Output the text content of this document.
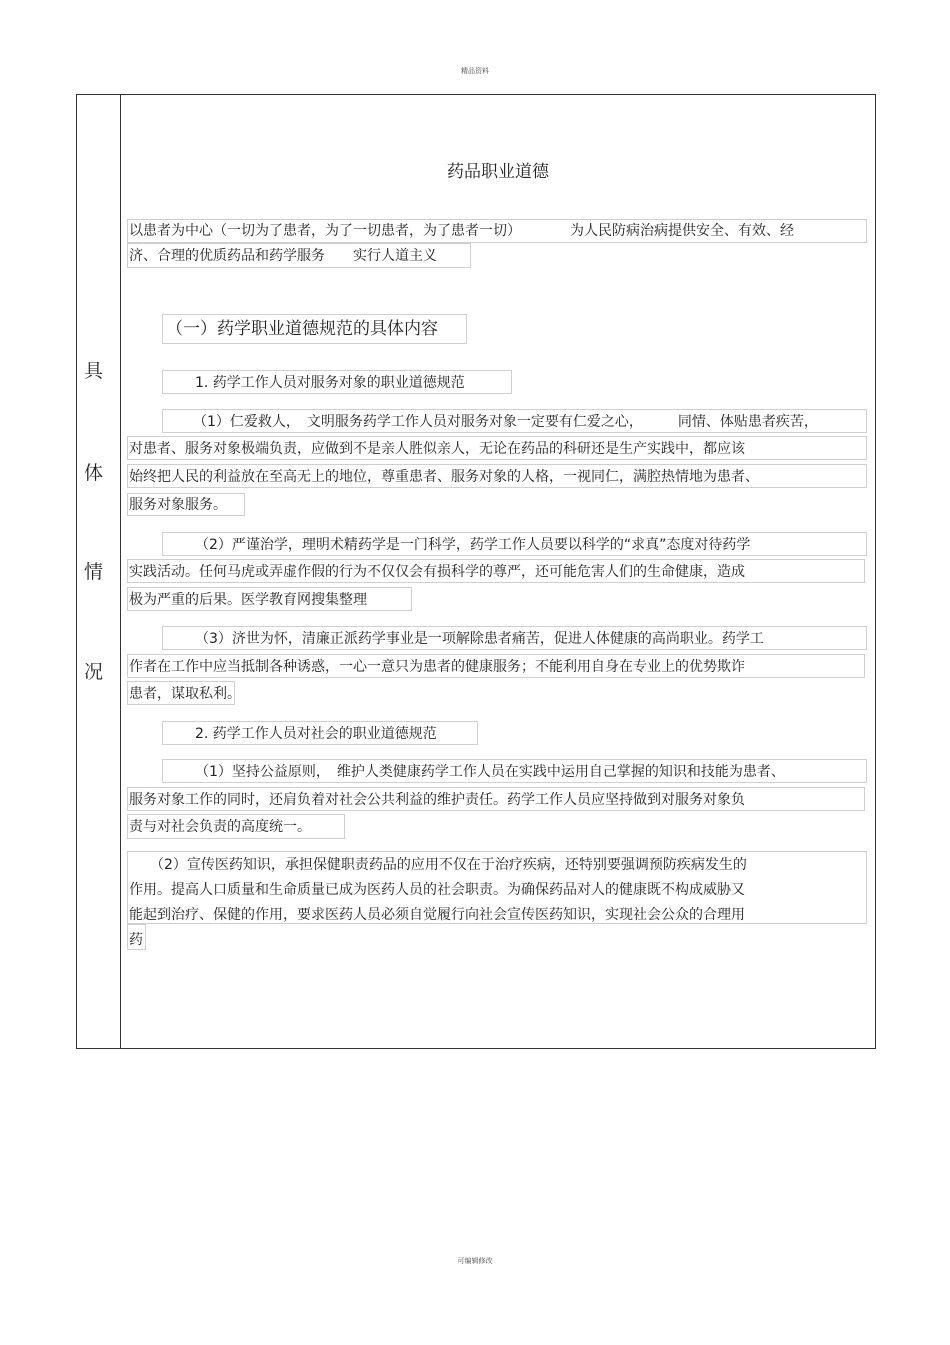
精品资料
具
体
情
况
药品职业道德
以患者为中心（一切为了患者，为了一切患者，为了患者一切）　　　　为人民防病治病提供安全、有效、经
济、合理的优质药品和药学服务　　实行人道主义
（一）药学职业道德规范的具体内容
1. 药学工作人员对服务对象的职业道德规范
（1）仁爱救人，　文明服务药学工作人员对服务对象一定要有仁爱之心，　　　同情、体贴患者疾苦，
对患者、服务对象极端负责，应做到不是亲人胜似亲人，无论在药品的科研还是生产实践中，都应该
始终把人民的利益放在至高无上的地位，尊重患者、服务对象的人格，一视同仁，满腔热情地为患者、
服务对象服务。
（2）严谨治学，理明术精药学是一门科学，药学工作人员要以科学的“求真”态度对待药学
实践活动。任何马虎或弄虚作假的行为不仅仅会有损科学的尊严，还可能危害人们的生命健康，造成
极为严重的后果。医学教育网搜集整理
（3）济世为怀，清廉正派药学事业是一项解除患者痛苦，促进人体健康的高尚职业。药学工
作者在工作中应当抵制各种诱惑，一心一意只为患者的健康服务；不能利用自身在专业上的优势欺诈
患者，谋取私利。
2. 药学工作人员对社会的职业道德规范
（1）坚持公益原则，　维护人类健康药学工作人员在实践中运用自己掌握的知识和技能为患者、
服务对象工作的同时，还肩负着对社会公共利益的维护责任。药学工作人员应坚持做到对服务对象负
责与对社会负责的高度统一。
（2）宣传医药知识，承担保健职责药品的应用不仅在于治疗疾病，还特别要强调预防疾病发生的
作用。提高人口质量和生命质量已成为医药人员的社会职责。为确保药品对人的健康既不构成威胁又
能起到治疗、保健的作用，要求医药人员必须自觉履行向社会宣传医药知识，实现社会公众的合理用
药
可编辑修改
